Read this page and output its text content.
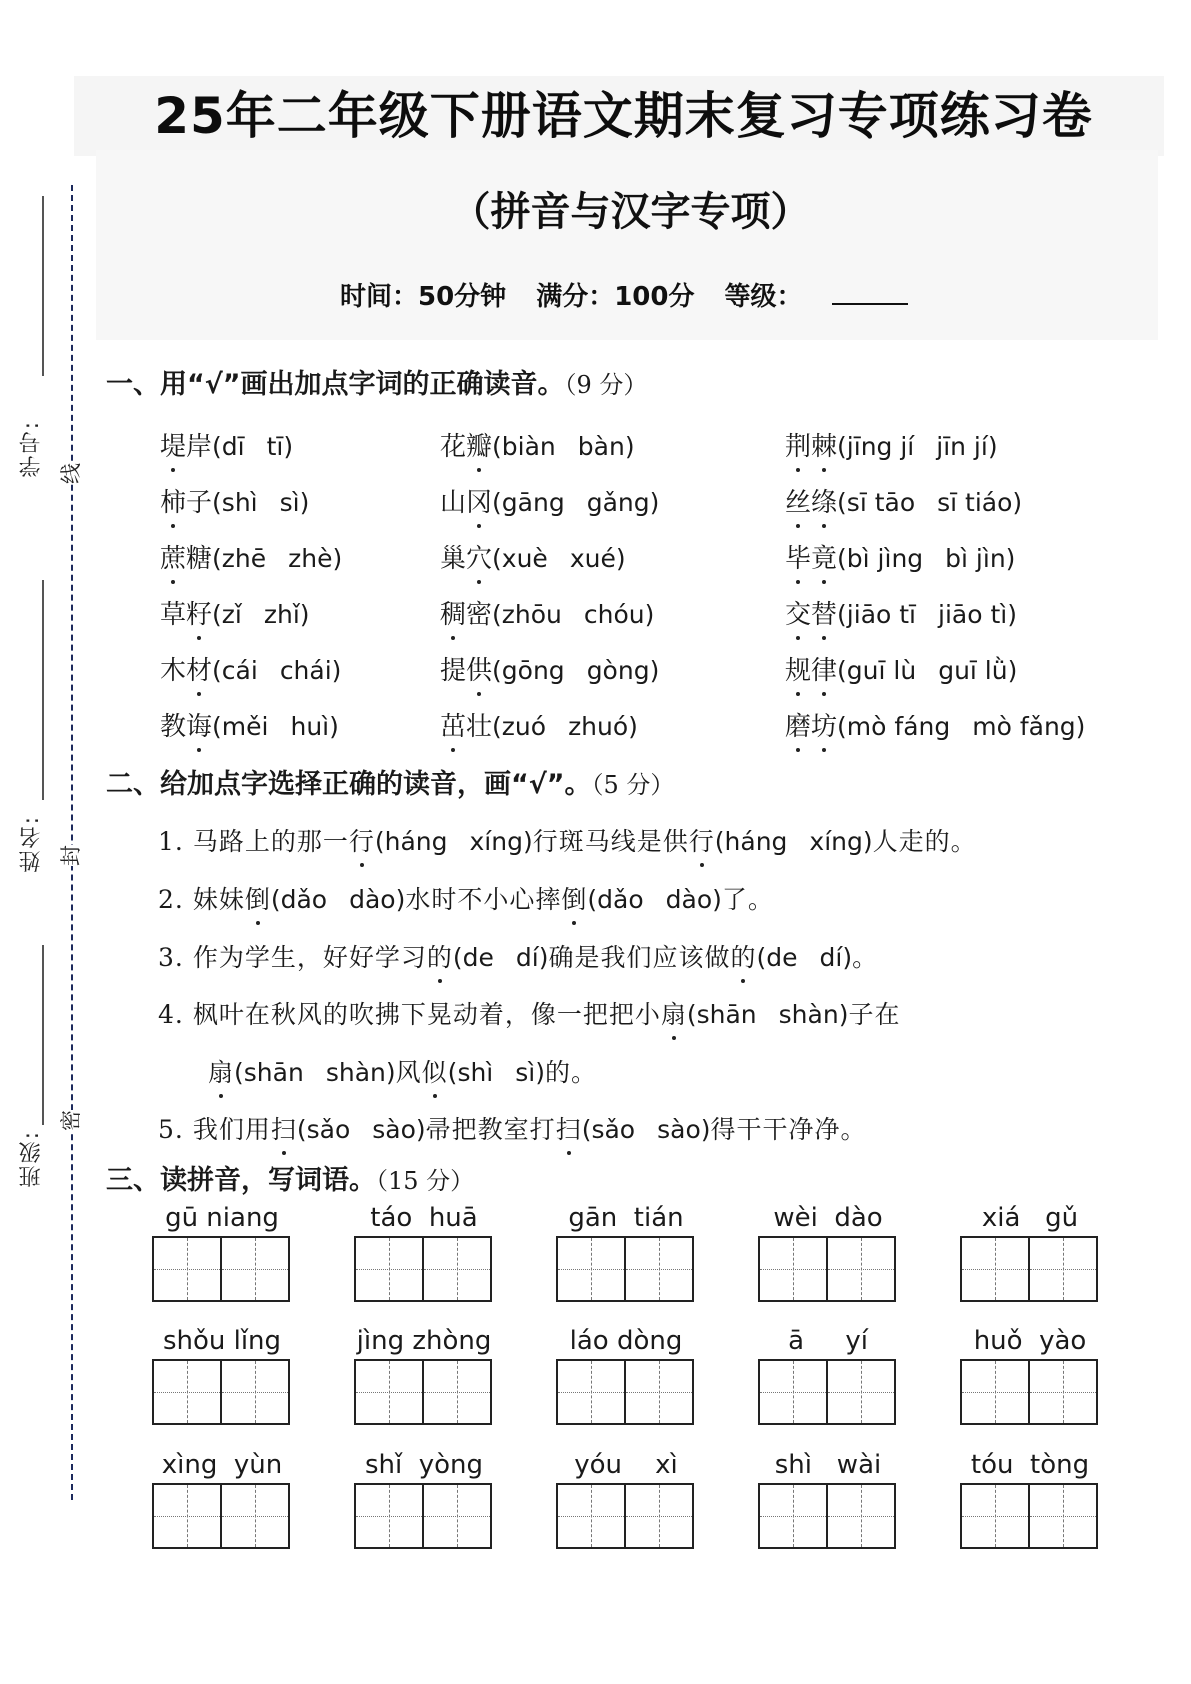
25年二年级下册语文期末复习专项练习卷
（拼音与汉字专项）
时间：50分钟 满分：100分 等级：
学号:
姓名:
班级:
线
封
密
一、用“√”画出加点字词的正确读音。（9 分）
堤岸(dī tī)	花瓣(biàn bàn)	荆棘(jīng jí jīn jí)
柿子(shì sì)	山冈(gāng gǎng)	丝绦(sī tāo sī tiáo)
蔗糖(zhē zhè)	巢穴(xuè xué)	毕竟(bì jìng bì jìn)
草籽(zǐ zhǐ)	稠密(zhōu chóu)	交替(jiāo tī jiāo tì)
木材(cái chái)	提供(gōng gòng)	规律(guī lù guī lǜ)
教诲(měi huì)	茁壮(zuó zhuó)	磨坊(mò fáng mò fǎng)
二、给加点字选择正确的读音，画“√”。（5 分）
1. 马路上的那一行(háng xíng)行斑马线是供行(háng xíng)人走的。
2. 妹妹倒(dǎo dào)水时不小心摔倒(dǎo dào)了。
3. 作为学生，好好学习的(de dí)确是我们应该做的(de dí)。
4. 枫叶在秋风的吹拂下晃动着，像一把把小扇(shān shàn)子在
扇(shān shàn)风似(shì sì)的。
5. 我们用扫(sǎo sào)帚把教室打扫(sǎo sào)得干干净净。
三、读拼音，写词语。（15 分）
gū niang	táo  huā	gān  tián	wèi  dào	xiá   gǔ
shǒu lǐng	jìng zhòng	láo dòng	ā     yí	huǒ  yào
xìng  yùn	shǐ  yòng	yóu    xì	shì   wài	tóu  tòng
